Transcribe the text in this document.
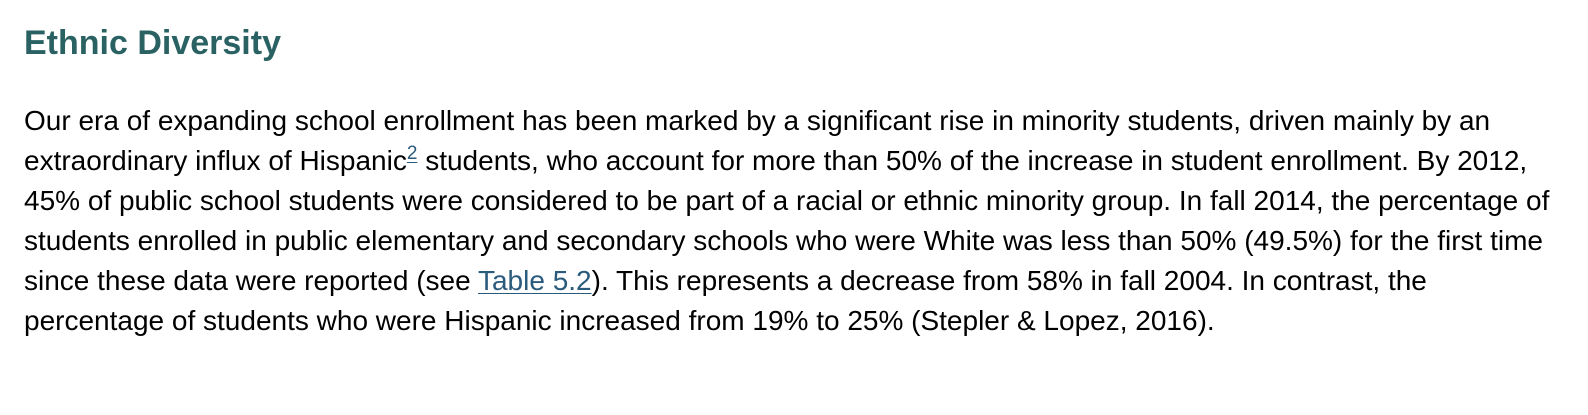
Ethnic Diversity

Our era of expanding school enrollment has been marked by a significant rise in minority students, driven mainly by an extraordinary influx of Hispanic$^2$ students, who account for more than 50% of the increase in student enrollment. By 2012, 45% of public school students were considered to be part of a racial or ethnic minority group. In fall 2014, the percentage of students enrolled in public elementary and secondary schools who were White was less than 50% (49.5%) for the first time since these data were reported (see Table 5.2). This represents a decrease from 58% in fall 2004. In contrast, the percentage of students who were Hispanic increased from 19% to 25% (Stepler & Lopez, 2016).
